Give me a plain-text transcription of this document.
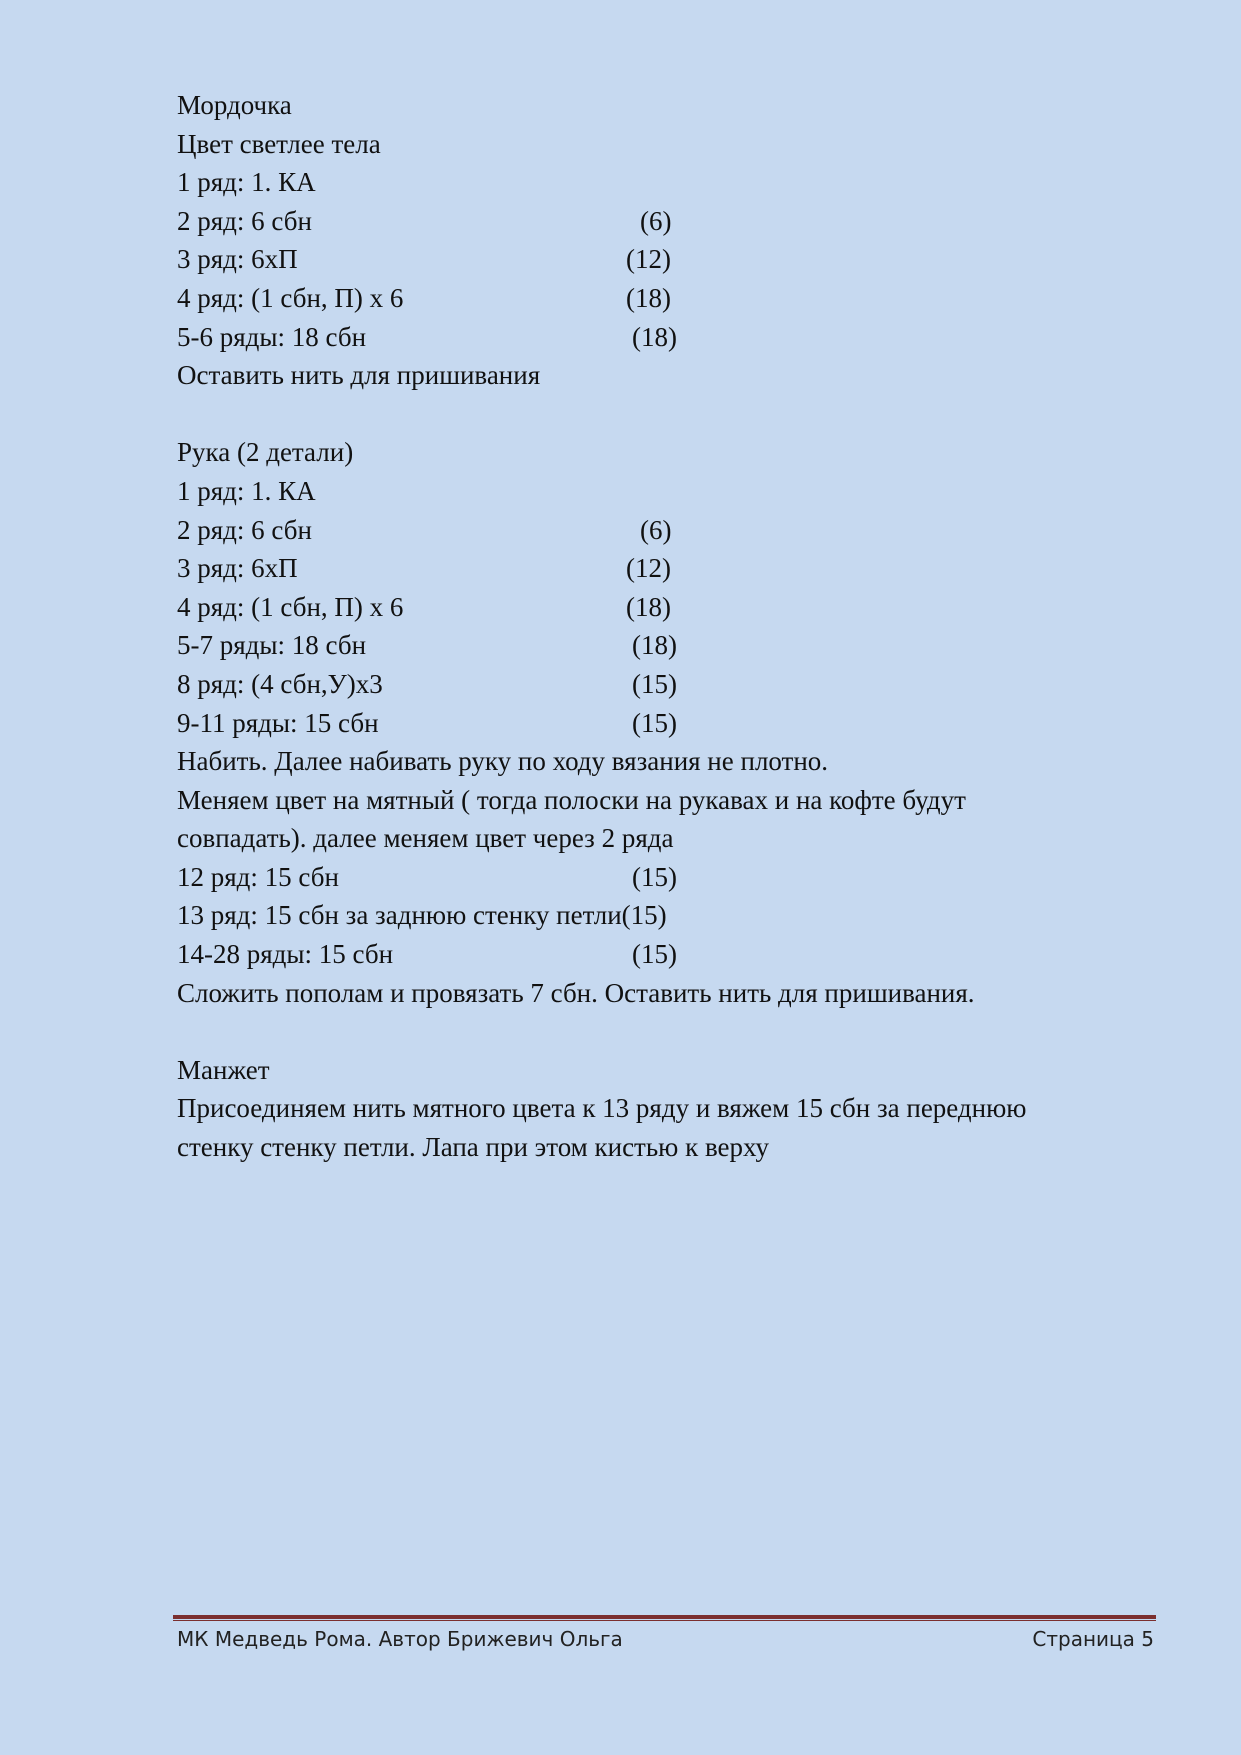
Мордочка
Цвет светлее тела
1 ряд: 1. КА
2 ряд: 6 сбн	(6)
3 ряд: 6хП	(12)
4 ряд: (1 сбн, П) х 6	(18)
5-6 ряды: 18 сбн	(18)
Оставить нить для пришивания
Рука (2 детали)
1 ряд: 1. КА
2 ряд: 6 сбн	(6)
3 ряд: 6хП	(12)
4 ряд: (1 сбн, П) х 6	(18)
5-7 ряды: 18 сбн	(18)
8 ряд: (4 сбн,У)х3	(15)
9-11 ряды: 15 сбн	(15)
Набить. Далее набивать руку по ходу вязания не плотно.
Меняем цвет на мятный ( тогда полоски на рукавах и на кофте будут
совпадать). далее меняем цвет через 2 ряда
12 ряд: 15 сбн	(15)
13 ряд: 15 сбн за заднюю стенку петли(15)
14-28 ряды: 15 сбн	(15)
Сложить пополам и провязать 7 сбн. Оставить нить для пришивания.
Манжет
Присоединяем нить мятного цвета к 13 ряду и вяжем 15 сбн за переднюю
стенку стенку петли. Лапа при этом кистью к верху
МК Медведь Рома. Автор Брижевич Ольга	Страница 5
